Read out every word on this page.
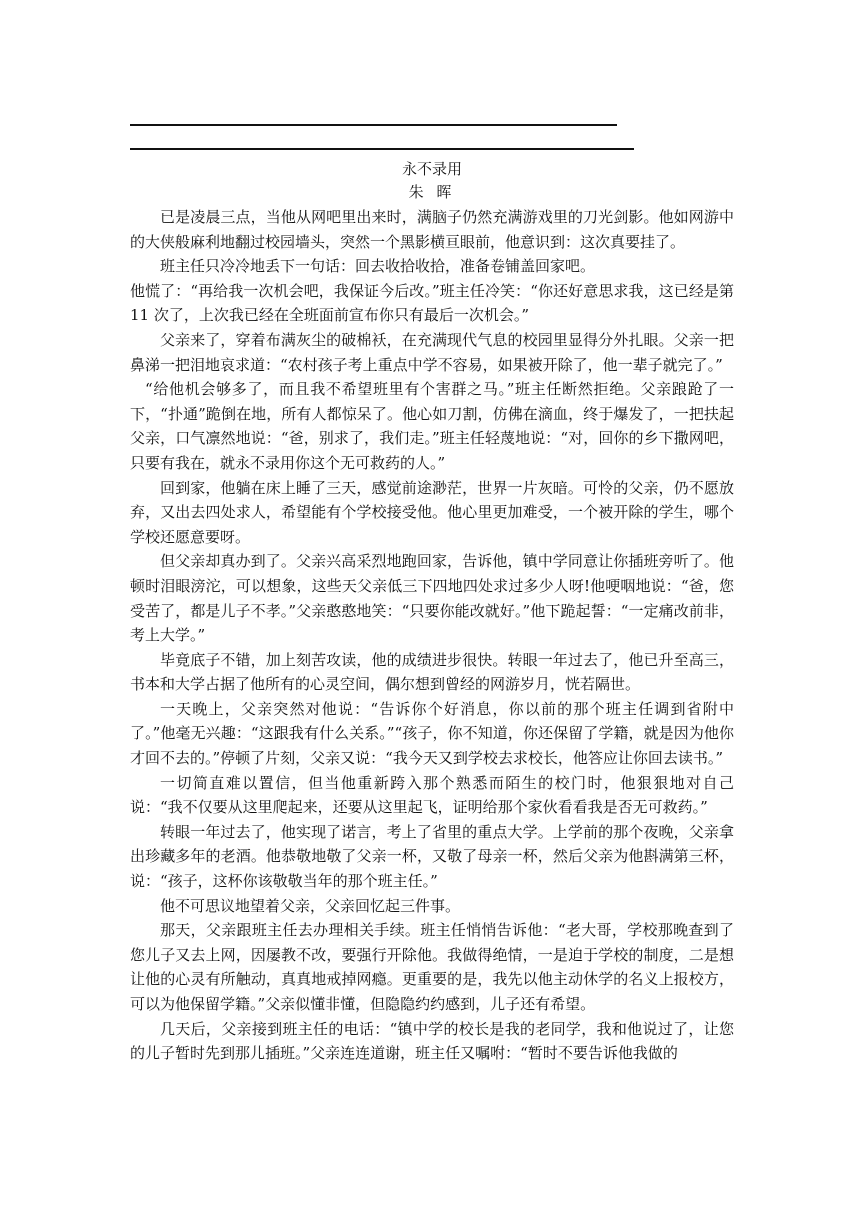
永不录用
朱 晖

已是凌晨三点，当他从网吧里出来时，满脑子仍然充满游戏里的刀光剑影。他如网游中的大侠般麻利地翻过校园墙头，突然一个黑影横亘眼前，他意识到：这次真要挂了。

班主任只冷冷地丢下一句话：回去收拾收拾，准备卷铺盖回家吧。

他慌了：“再给我一次机会吧，我保证今后改。”班主任冷笑：“你还好意思求我，这已经是第 11 次了，上次我已经在全班面前宣布你只有最后一次机会。”

父亲来了，穿着布满灰尘的破棉袄，在充满现代气息的校园里显得分外扎眼。父亲一把鼻涕一把泪地哀求道：“农村孩子考上重点中学不容易，如果被开除了，他一辈子就完了。”

“给他机会够多了，而且我不希望班里有个害群之马。”班主任断然拒绝。父亲踉跄了一下，“扑通”跪倒在地，所有人都惊呆了。他心如刀割，仿佛在滴血，终于爆发了，一把扶起父亲，口气凛然地说：“爸，别求了，我们走。”班主任轻蔑地说：“对，回你的乡下撒网吧，只要有我在，就永不录用你这个无可救药的人。”

回到家，他躺在床上睡了三天，感觉前途渺茫，世界一片灰暗。可怜的父亲，仍不愿放弃，又出去四处求人，希望能有个学校接受他。他心里更加难受，一个被开除的学生，哪个学校还愿意要呀。

但父亲却真办到了。父亲兴高采烈地跑回家，告诉他，镇中学同意让你插班旁听了。他顿时泪眼滂沱，可以想象，这些天父亲低三下四地四处求过多少人呀!他哽咽地说：“爸，您受苦了，都是儿子不孝。”父亲憨憨地笑：“只要你能改就好。”他下跪起誓：“一定痛改前非，考上大学。”

毕竟底子不错，加上刻苦攻读，他的成绩进步很快。转眼一年过去了，他已升至高三，书本和大学占据了他所有的心灵空间，偶尔想到曾经的网游岁月，恍若隔世。

一天晚上，父亲突然对他说：“告诉你个好消息，你以前的那个班主任调到省附中了。”他毫无兴趣：“这跟我有什么关系。”“孩子，你不知道，你还保留了学籍，就是因为他你才回不去的。”停顿了片刻，父亲又说：“我今天又到学校去求校长，他答应让你回去读书。”

一切简直难以置信，但当他重新跨入那个熟悉而陌生的校门时，他狠狠地对自己说：“我不仅要从这里爬起来，还要从这里起飞，证明给那个家伙看看我是否无可救药。”

转眼一年过去了，他实现了诺言，考上了省里的重点大学。上学前的那个夜晚，父亲拿出珍藏多年的老酒。他恭敬地敬了父亲一杯，又敬了母亲一杯，然后父亲为他斟满第三杯，说：“孩子，这杯你该敬敬当年的那个班主任。”

他不可思议地望着父亲，父亲回忆起三件事。

那天，父亲跟班主任去办理相关手续。班主任悄悄告诉他：“老大哥，学校那晚查到了您儿子又去上网，因屡教不改，要强行开除他。我做得绝情，一是迫于学校的制度，二是想让他的心灵有所触动，真真地戒掉网瘾。更重要的是，我先以他主动休学的名义上报校方，可以为他保留学籍。”父亲似懂非懂，但隐隐约约感到，儿子还有希望。

几天后，父亲接到班主任的电话：“镇中学的校长是我的老同学，我和他说过了，让您的儿子暂时先到那儿插班。”父亲连连道谢，班主任又嘱咐：“暂时不要告诉他我做的
